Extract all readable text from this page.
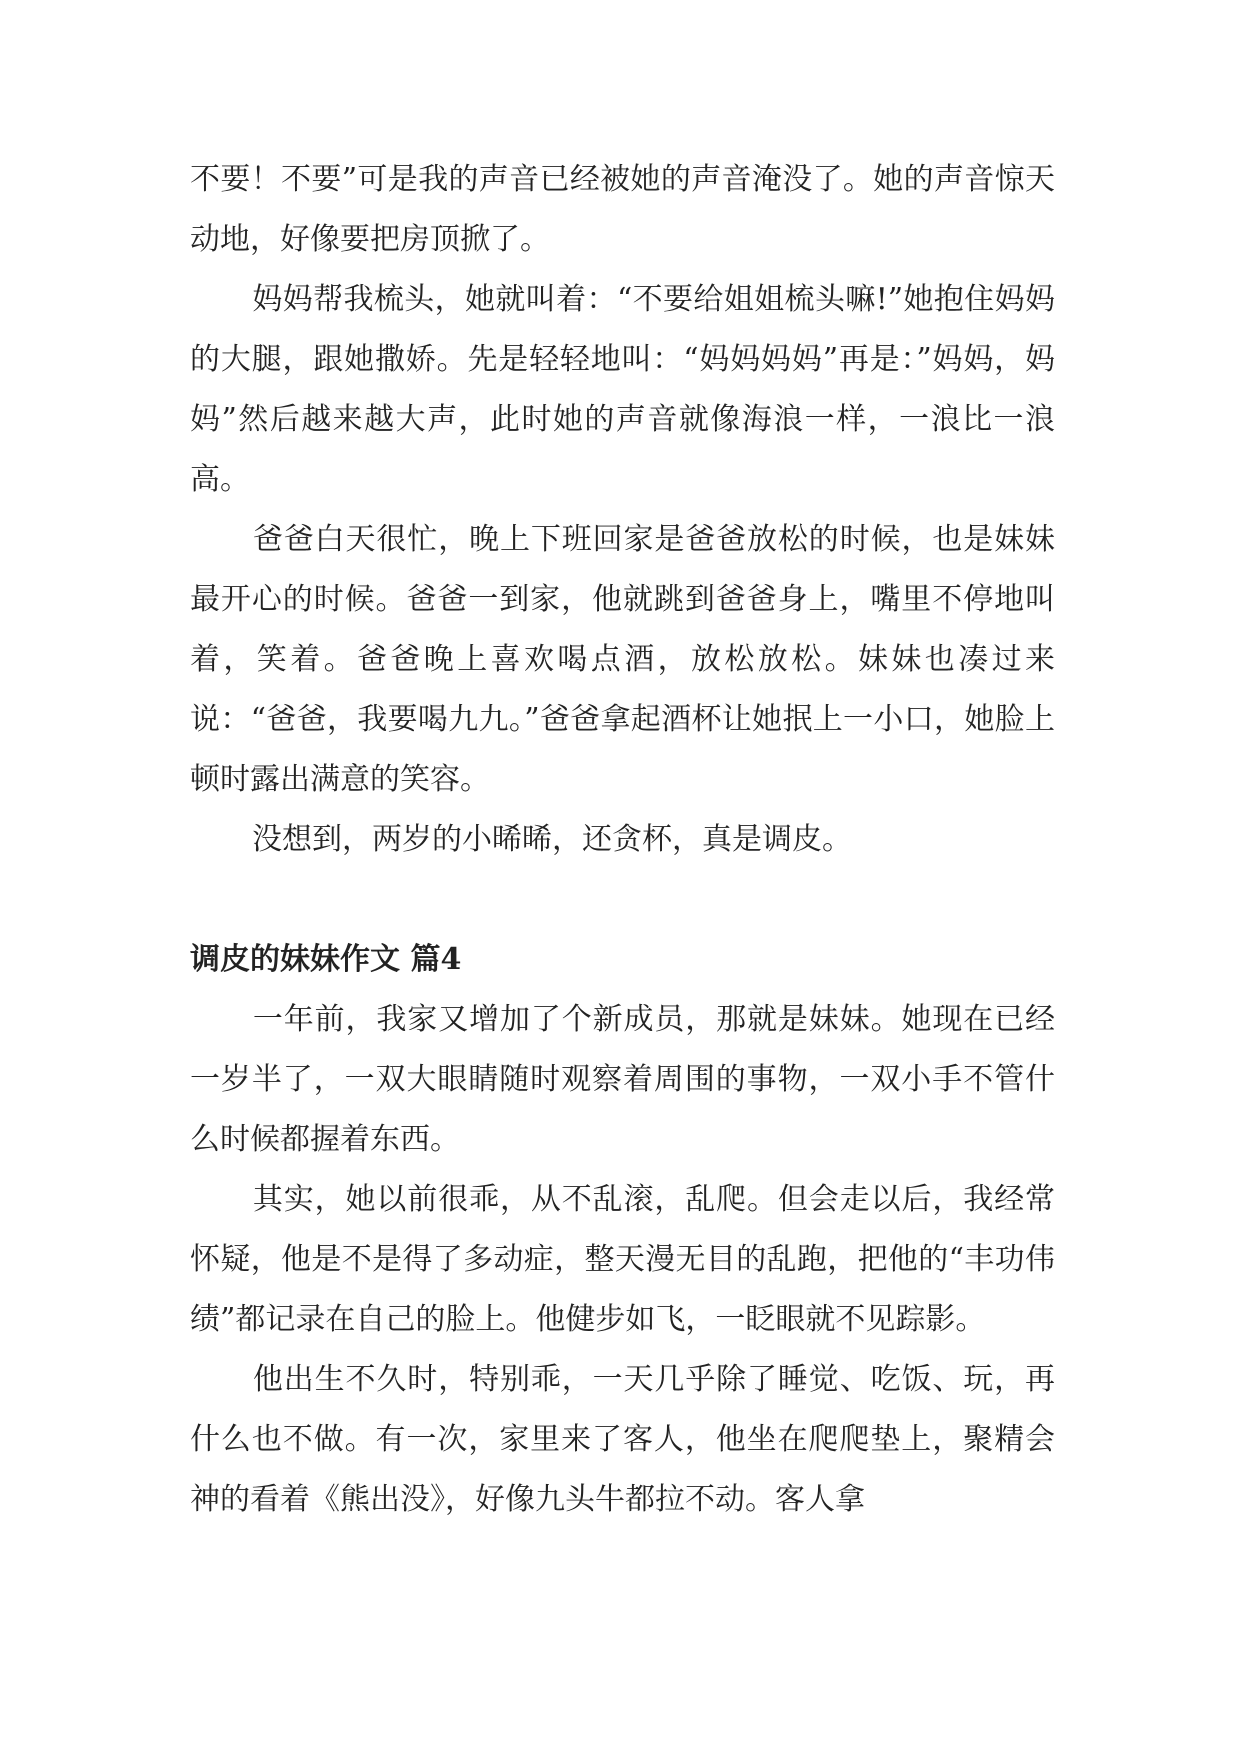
不要！不要”可是我的声音已经被她的声音淹没了。她的声音惊天动地，好像要把房顶掀了。

妈妈帮我梳头，她就叫着：“不要给姐姐梳头嘛!”她抱住妈妈的大腿，跟她撒娇。先是轻轻地叫：“妈妈妈妈”再是：”妈妈，妈妈”然后越来越大声，此时她的声音就像海浪一样，一浪比一浪高。

爸爸白天很忙，晚上下班回家是爸爸放松的时候，也是妹妹最开心的时候。爸爸一到家，他就跳到爸爸身上，嘴里不停地叫着，笑着。爸爸晚上喜欢喝点酒，放松放松。妹妹也凑过来说：“爸爸，我要喝九九。”爸爸拿起酒杯让她抿上一小口，她脸上顿时露出满意的笑容。

没想到，两岁的小晞晞，还贪杯，真是调皮。

调皮的妹妹作文 篇4

一年前，我家又增加了个新成员，那就是妹妹。她现在已经一岁半了，一双大眼睛随时观察着周围的事物，一双小手不管什么时候都握着东西。

其实，她以前很乖，从不乱滚，乱爬。但会走以后，我经常怀疑，他是不是得了多动症，整天漫无目的乱跑，把他的“丰功伟绩”都记录在自己的脸上。他健步如飞，一眨眼就不见踪影。

他出生不久时，特别乖，一天几乎除了睡觉、吃饭、玩，再什么也不做。有一次，家里来了客人，他坐在爬爬垫上，聚精会神的看着《熊出没》，好像九头牛都拉不动。客人拿
